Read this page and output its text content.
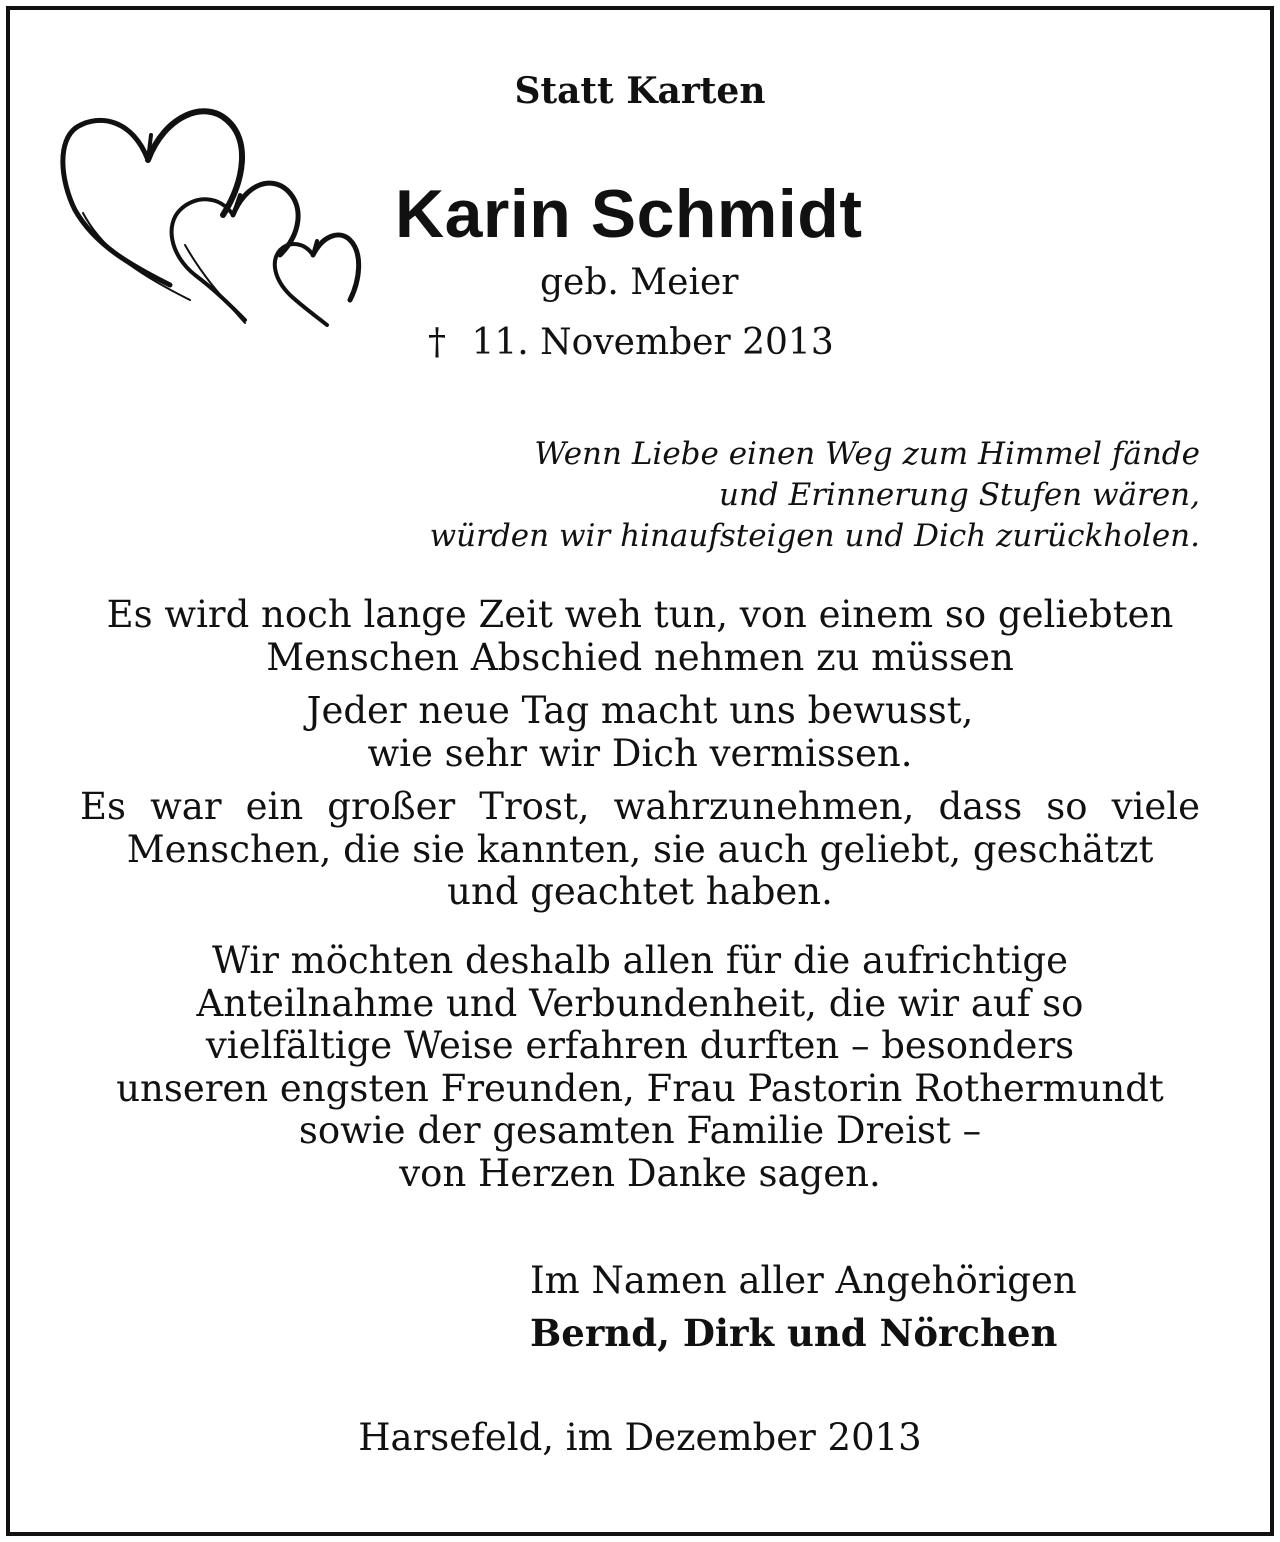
Statt Karten
Karin Schmidt
geb. Meier
† 11. November 2013
Wenn Liebe einen Weg zum Himmel fände
und Erinnerung Stufen wären,
würden wir hinaufsteigen und Dich zurückholen.
Es wird noch lange Zeit weh tun, von einem so geliebten
Menschen Abschied nehmen zu müssen
Jeder neue Tag macht uns bewusst,
wie sehr wir Dich vermissen.
Es war ein großer Trost, wahrzunehmen, dass so viele
Menschen, die sie kannten, sie auch geliebt, geschätzt
und geachtet haben.
Wir möchten deshalb allen für die aufrichtige
Anteilnahme und Verbundenheit, die wir auf so
vielfältige Weise erfahren durften – besonders
unseren engsten Freunden, Frau Pastorin Rothermundt
sowie der gesamten Familie Dreist –
von Herzen Danke sagen.
Im Namen aller Angehörigen
Bernd, Dirk und Nörchen
Harsefeld, im Dezember 2013
